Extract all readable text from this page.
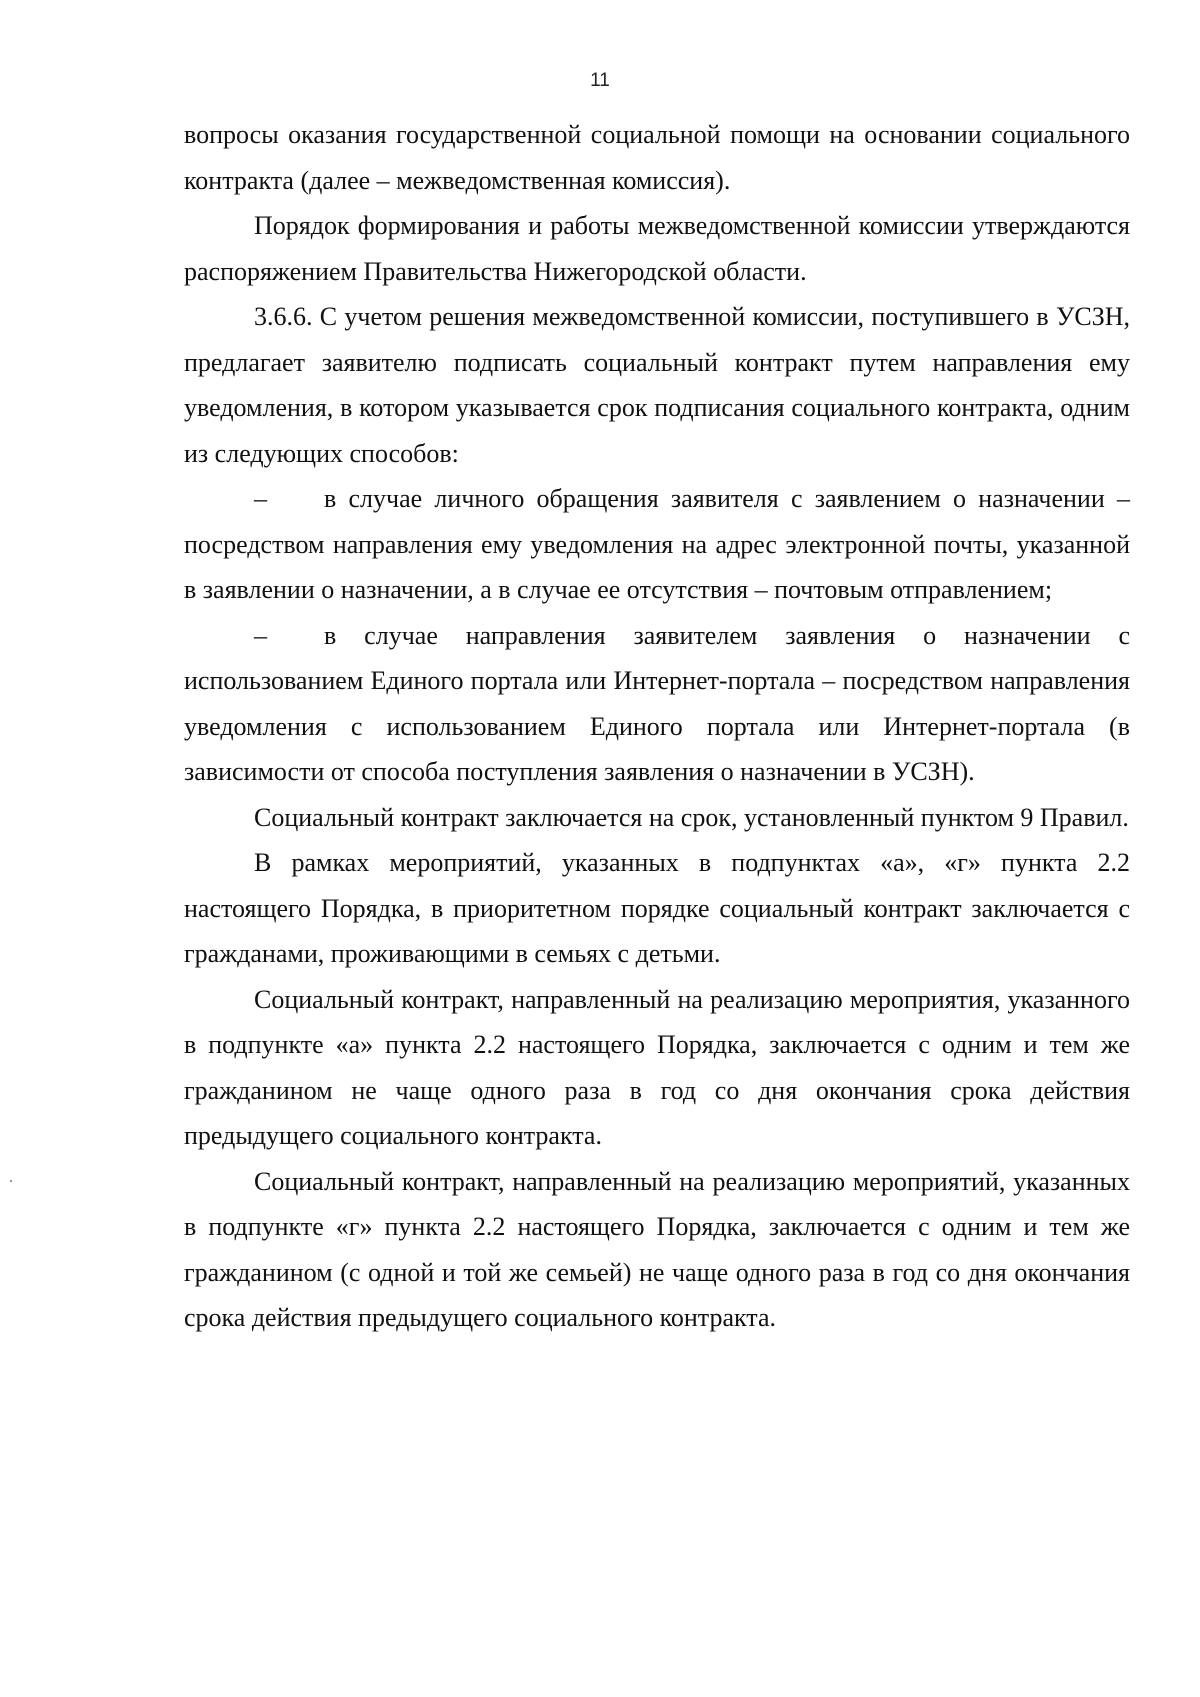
11

вопросы оказания государственной социальной помощи на основании социального контракта (далее – межведомственная комиссия).

Порядок формирования и работы межведомственной комиссии утверждаются распоряжением Правительства Нижегородской области.

3.6.6. С учетом решения межведомственной комиссии, поступившего в УСЗН, предлагает заявителю подписать социальный контракт путем направления ему уведомления, в котором указывается срок подписания социального контракта, одним из следующих способов:

– в случае личного обращения заявителя с заявлением о назначении – посредством направления ему уведомления на адрес электронной почты, указанной в заявлении о назначении, а в случае ее отсутствия – почтовым отправлением;

– в случае направления заявителем заявления о назначении с использованием Единого портала или Интернет-портала – посредством направления уведомления с использованием Единого портала или Интернет-портала (в зависимости от способа поступления заявления о назначении в УСЗН).

Социальный контракт заключается на срок, установленный пунктом 9 Правил.

В рамках мероприятий, указанных в подпунктах «а», «г» пункта 2.2 настоящего Порядка, в приоритетном порядке социальный контракт заключается с гражданами, проживающими в семьях с детьми.

Социальный контракт, направленный на реализацию мероприятия, указанного в подпункте «а» пункта 2.2 настоящего Порядка, заключается с одним и тем же гражданином не чаще одного раза в год со дня окончания срока действия предыдущего социального контракта.

Социальный контракт, направленный на реализацию мероприятий, указанных в подпункте «г» пункта 2.2 настоящего Порядка, заключается с одним и тем же гражданином (с одной и той же семьей) не чаще одного раза в год со дня окончания срока действия предыдущего социального контракта.
